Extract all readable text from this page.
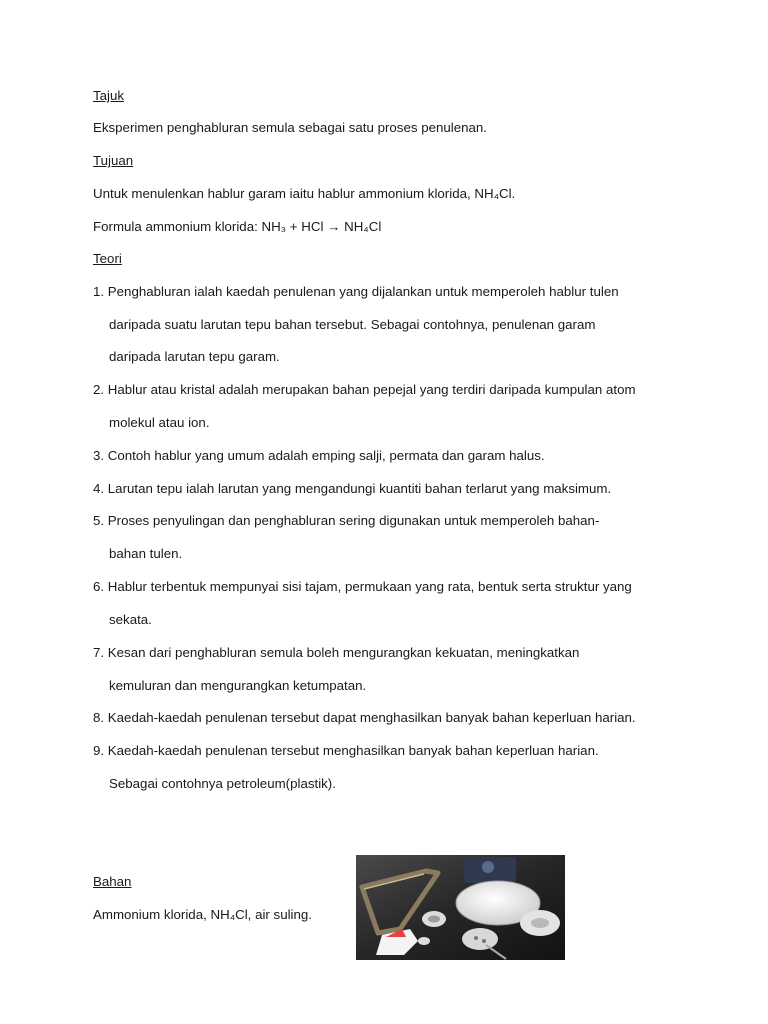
Tajuk
Eksperimen penghabluran semula sebagai satu proses penulenan.
Tujuan
Untuk menulenkan hablur garam iaitu hablur ammonium klorida, NH₄Cl.
Formula ammonium klorida: NH₃ + HCl → NH₄Cl
Teori
1. Penghabluran ialah kaedah penulenan yang dijalankan untuk memperoleh hablur tulen
daripada suatu larutan tepu bahan tersebut. Sebagai contohnya, penulenan garam
daripada larutan tepu garam.
2. Hablur atau kristal adalah merupakan bahan pepejal yang terdiri daripada kumpulan atom
molekul atau ion.
3. Contoh hablur yang umum adalah emping salji, permata dan garam halus.
4. Larutan tepu ialah larutan yang mengandungi kuantiti bahan terlarut yang maksimum.
5. Proses penyulingan dan penghabluran sering digunakan untuk memperoleh bahan-
bahan tulen.
6. Hablur terbentuk mempunyai sisi tajam, permukaan yang rata, bentuk serta struktur yang
sekata.
7. Kesan dari penghabluran semula boleh mengurangkan kekuatan, meningkatkan
kemuluran dan mengurangkan ketumpatan.
8. Kaedah-kaedah penulenan tersebut dapat menghasilkan banyak bahan keperluan harian.
9. Kaedah-kaedah penulenan tersebut menghasilkan banyak bahan keperluan harian.
Sebagai contohnya petroleum(plastik).
Bahan
Ammonium klorida, NH₄Cl, air suling.
